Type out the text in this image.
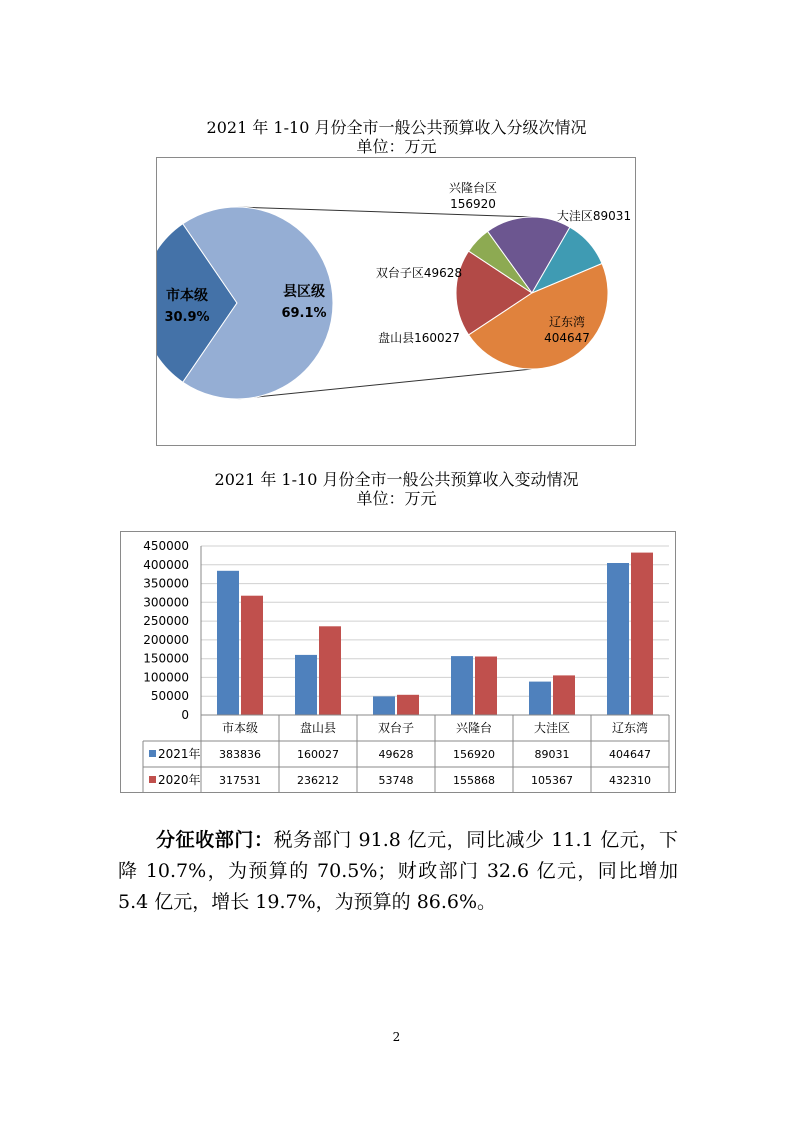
2021 年 1-10 月份全市一般公共预算收入分级次情况
单位：万元
市本级
30.9%
县区级
69.1%
盘山县160027
双台子区49628
兴隆台区
156920
大洼区89031
辽东湾
404647
2021 年 1-10 月份全市一般公共预算收入变动情况
单位：万元
0
50000
100000
150000
200000
250000
300000
350000
400000
450000
市本级	盘山县	双台子	兴隆台	大洼区	辽东湾
2021年 383836	160027	49628	156920	89031	404647
2020年 317531	236212	53748	155868	105367	432310
分征收部门：税务部门 91.8 亿元，同比减少 11.1 亿元，下降 10.7%，为预算的 70.5%；财政部门 32.6 亿元，同比增加 5.4 亿元，增长 19.7%，为预算的 86.6%。
2
